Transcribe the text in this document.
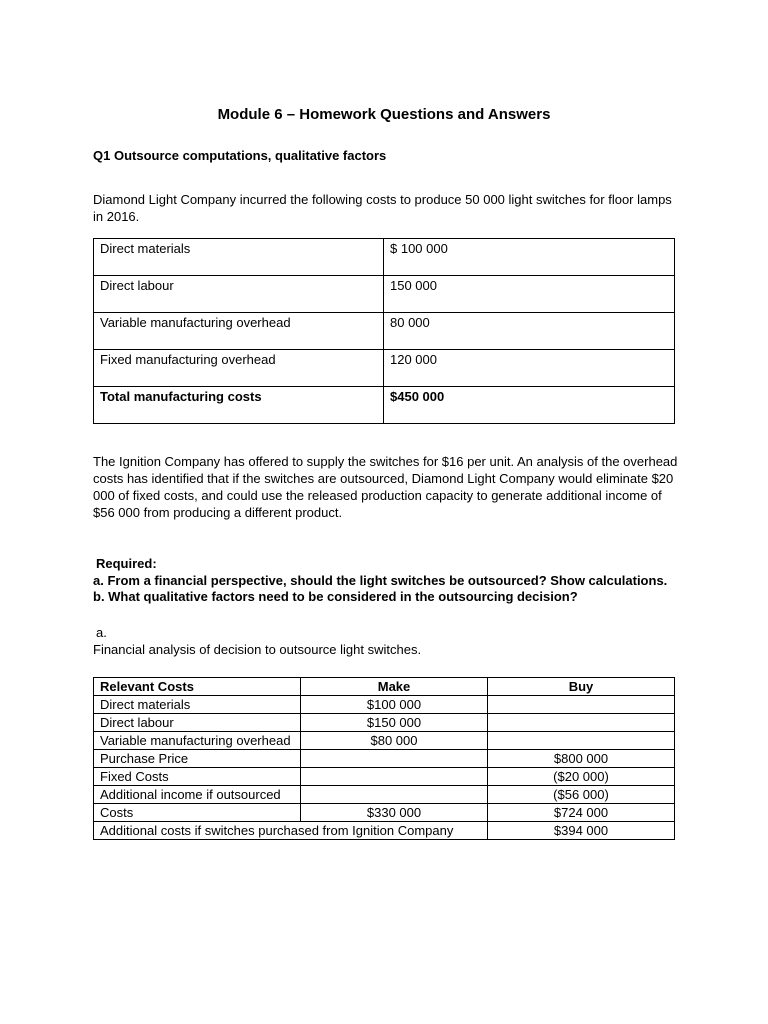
Module 6 – Homework Questions and Answers
Q1 Outsource computations, qualitative factors
Diamond Light Company incurred the following costs to produce 50 000 light switches for floor lamps in 2016.
Direct materials	$ 100 000
Direct labour	150 000
Variable manufacturing overhead	80 000
Fixed manufacturing overhead	120 000
Total manufacturing costs	$450 000
The Ignition Company has offered to supply the switches for $16 per unit. An analysis of the overhead costs has identified that if the switches are outsourced, Diamond Light Company would eliminate $20 000 of fixed costs, and could use the released production capacity to generate additional income of $56 000 from producing a different product.
Required:
a. From a financial perspective, should the light switches be outsourced? Show calculations.
b. What qualitative factors need to be considered in the outsourcing decision?
a.
Financial analysis of decision to outsource light switches.
Relevant Costs	Make	Buy
Direct materials	$100 000	
Direct labour	$150 000	
Variable manufacturing overhead	$80 000	
Purchase Price		$800 000
Fixed Costs		($20 000)
Additional income if outsourced		($56 000)
Costs	$330 000	$724 000
Additional costs if switches purchased from Ignition Company		$394 000
